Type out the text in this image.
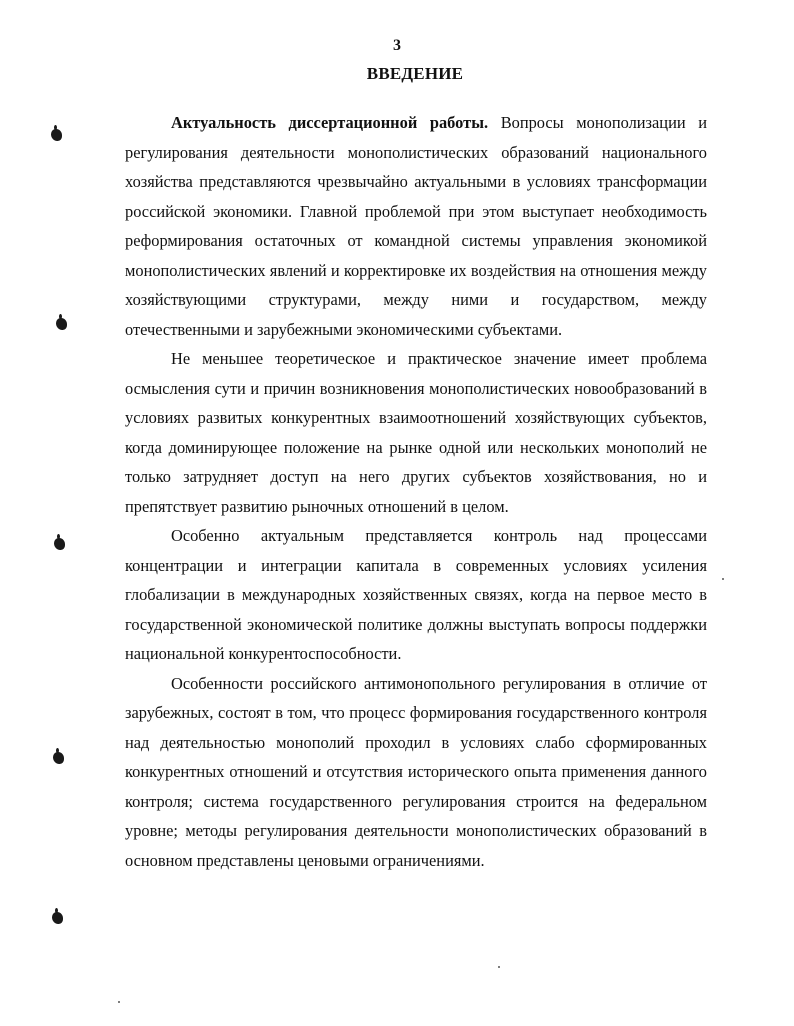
3
ВВЕДЕНИЕ

Актуальность диссертационной работы. Вопросы монополизации и регулирования деятельности монополистических образований национального хозяйства представляются чрезвычайно актуальными в условиях трансформации российской экономики. Главной проблемой при этом выступает необходимость реформирования остаточных от командной системы управления экономикой монополистических явлений и корректировке их воздействия на отношения между хозяйствующими структурами, между ними и государством, между отечественными и зарубежными экономическими субъектами.

Не меньшее теоретическое и практическое значение имеет проблема осмысления сути и причин возникновения монополистических новообразований в условиях развитых конкурентных взаимоотношений хозяйствующих субъектов, когда доминирующее положение на рынке одной или нескольких монополий не только затрудняет доступ на него других субъектов хозяйствования, но и препятствует развитию рыночных отношений в целом.

Особенно актуальным представляется контроль над процессами концентрации и интеграции капитала в современных условиях усиления глобализации в международных хозяйственных связях, когда на первое место в государственной экономической политике должны выступать вопросы поддержки национальной конкурентоспособности.

Особенности российского антимонопольного регулирования в отличие от зарубежных, состоят в том, что процесс формирования государственного контроля над деятельностью монополий проходил в условиях слабо сформированных конкурентных отношений и отсутствия исторического опыта применения данного контроля; система государственного регулирования строится на федеральном уровне; методы регулирования деятельности монополистических образований в основном представлены ценовыми ограничениями.
